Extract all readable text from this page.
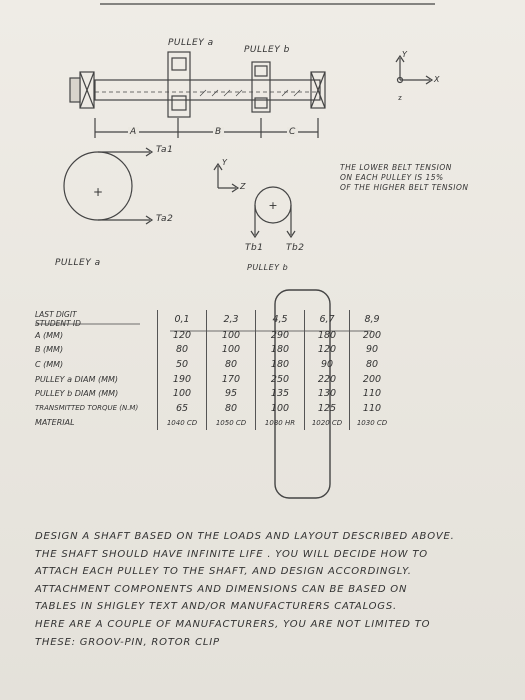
+
+
z
PULLEY a
PULLEY b
A	B	C
Y
X
Ta1
Ta2
Y
Z
Tb1	Tb2
PULLEY a	PULLEY b
THE LOWER BELT TENSION
ON EACH PULLEY IS 15%
OF THE HIGHER BELT TENSION
LAST DIGIT
STUDENT ID	0,1	2,3	4,5	6,7	8,9
A (MM)	120	100	290	180	200
B (MM)	80	100	180	120	90
C (MM)	50	80	180	90	80
PULLEY a DIAM (MM)	190	170	250	220	200
PULLEY b DIAM (MM)	100	95	135	130	110
TRANSMITTED TORQUE (N.M)	65	80	100	125	110
MATERIAL	1040 CD	1050 CD	1080 HR	1020 CD	1030 CD
DESIGN A SHAFT BASED ON THE LOADS AND LAYOUT DESCRIBED ABOVE.
THE SHAFT SHOULD HAVE INFINITE LIFE . YOU WILL DECIDE HOW TO
ATTACH EACH PULLEY TO THE SHAFT, AND DESIGN ACCORDINGLY.
ATTACHMENT COMPONENTS AND DIMENSIONS CAN BE BASED ON
TABLES IN SHIGLEY TEXT AND/OR MANUFACTURERS CATALOGS.
HERE ARE A COUPLE OF MANUFACTURERS, YOU ARE NOT LIMITED TO
THESE: GROOV-PIN, ROTOR CLIP
